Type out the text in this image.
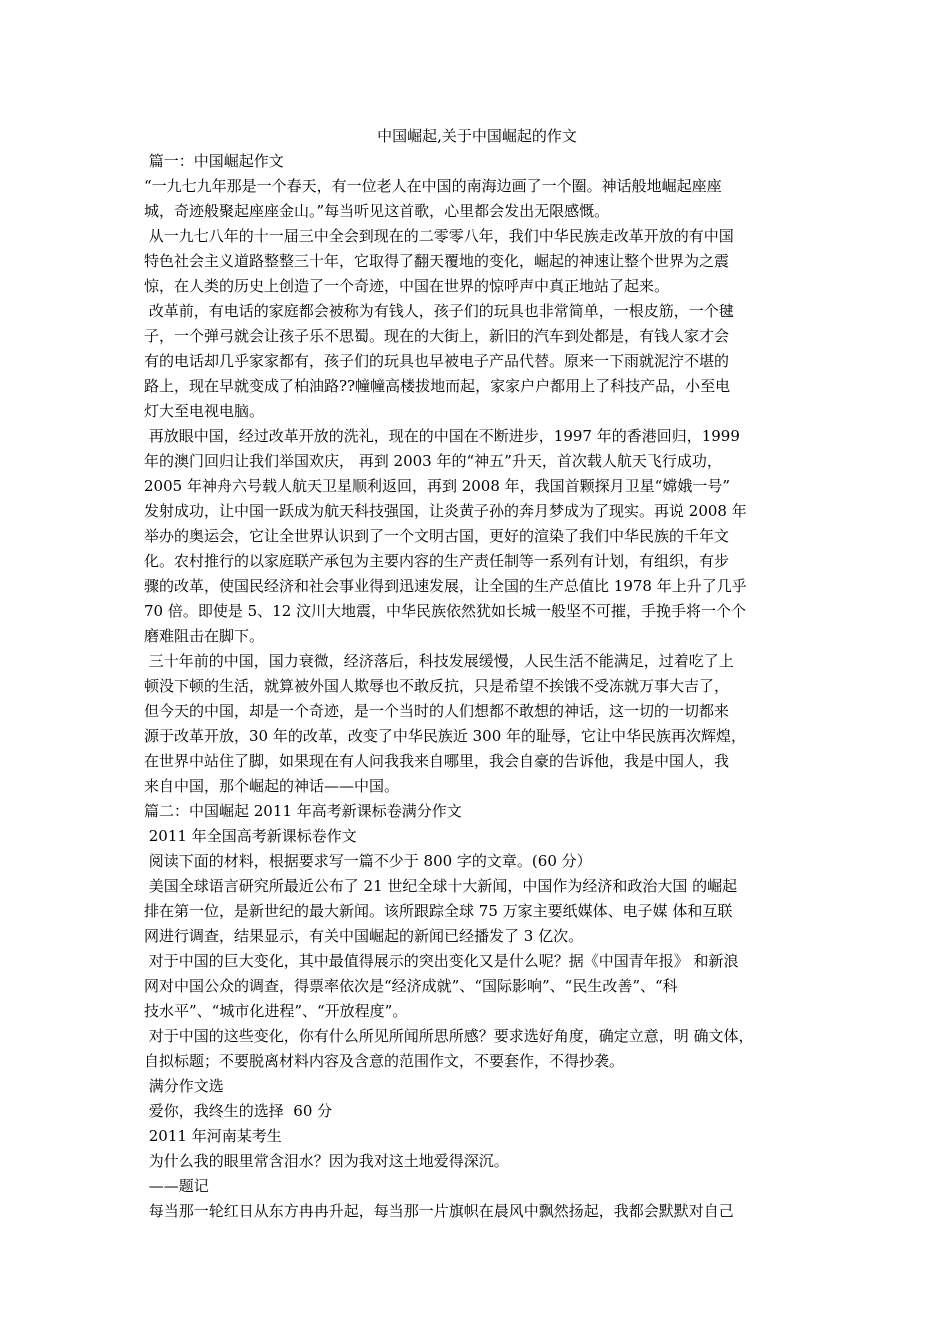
中国崛起,关于中国崛起的作文

篇一：中国崛起作文

“一九七九年那是一个春天，有一位老人在中国的南海边画了一个圈。神话般地崛起座座

城，奇迹般聚起座座金山。”每当听见这首歌，心里都会发出无限感慨。

从一九七八年的十一届三中全会到现在的二零零八年，我们中华民族走改革开放的有中国

特色社会主义道路整整三十年，它取得了翻天覆地的变化，崛起的神速让整个世界为之震

惊，在人类的历史上创造了一个奇迹，中国在世界的惊呼声中真正地站了起来。

改革前，有电话的家庭都会被称为有钱人，孩子们的玩具也非常简单，一根皮筋，一个毽

子，一个弹弓就会让孩子乐不思蜀。现在的大街上，新旧的汽车到处都是，有钱人家才会

有的电话却几乎家家都有，孩子们的玩具也早被电子产品代替。原来一下雨就泥泞不堪的

路上，现在早就变成了柏油路??幢幢高楼拔地而起，家家户户都用上了科技产品，小至电

灯大至电视电脑。

再放眼中国，经过改革开放的洗礼，现在的中国在不断进步，1997 年的香港回归，1999

年的澳门回归让我们举国欢庆， 再到 2003 年的“神五”升天，首次载人航天飞行成功，

2005 年神舟六号载人航天卫星顺利返回，再到 2008 年，我国首颗探月卫星“嫦娥一号”

发射成功，让中国一跃成为航天科技强国，让炎黄子孙的奔月梦成为了现实。再说 2008 年

举办的奥运会，它让全世界认识到了一个文明古国，更好的渲染了我们中华民族的千年文

化。农村推行的以家庭联产承包为主要内容的生产责任制等一系列有计划，有组织，有步

骤的改革，使国民经济和社会事业得到迅速发展，让全国的生产总值比 1978 年上升了几乎

70 倍。即使是 5、12 汶川大地震，中华民族依然犹如长城一般坚不可摧，手挽手将一个个

磨难阻击在脚下。

三十年前的中国，国力衰微，经济落后，科技发展缓慢，人民生活不能满足，过着吃了上

顿没下顿的生活，就算被外国人欺辱也不敢反抗，只是希望不挨饿不受冻就万事大吉了，

但今天的中国，却是一个奇迹，是一个当时的人们想都不敢想的神话，这一切的一切都来

源于改革开放，30 年的改革，改变了中华民族近 300 年的耻辱，它让中华民族再次辉煌，

在世界中站住了脚，如果现在有人问我我来自哪里，我会自豪的告诉他，我是中国人，我

来自中国，那个崛起的神话——中国。

篇二：中国崛起 2011 年高考新课标卷满分作文

2011 年全国高考新课标卷作文

阅读下面的材料，根据要求写一篇不少于 800 字的文章。(60 分）

美国全球语言研究所最近公布了 21 世纪全球十大新闻，中国作为经济和政治大国 的崛起

排在第一位，是新世纪的最大新闻。该所跟踪全球 75 万家主要纸媒体、电子媒 体和互联

网进行调查，结果显示，有关中国崛起的新闻已经播发了 3 亿次。

对于中国的巨大变化，其中最值得展示的突出变化又是什么呢？据《中国青年报》 和新浪

网对中国公众的调查，得票率依次是“经济成就”、“国际影响”、“民生改善”、“科

技水平”、“城市化进程”、“开放程度”。

对于中国的这些变化，你有什么所见所闻所思所感？要求选好角度，确定立意，明 确文体，

自拟标题；不要脱离材料内容及含意的范围作文，不要套作，不得抄袭。

满分作文选

爱你，我终生的选择  60 分

2011 年河南某考生

为什么我的眼里常含泪水？因为我对这土地爱得深沉。

——题记

每当那一轮红日从东方冉冉升起，每当那一片旗帜在晨风中飘然扬起，我都会默默对自己
